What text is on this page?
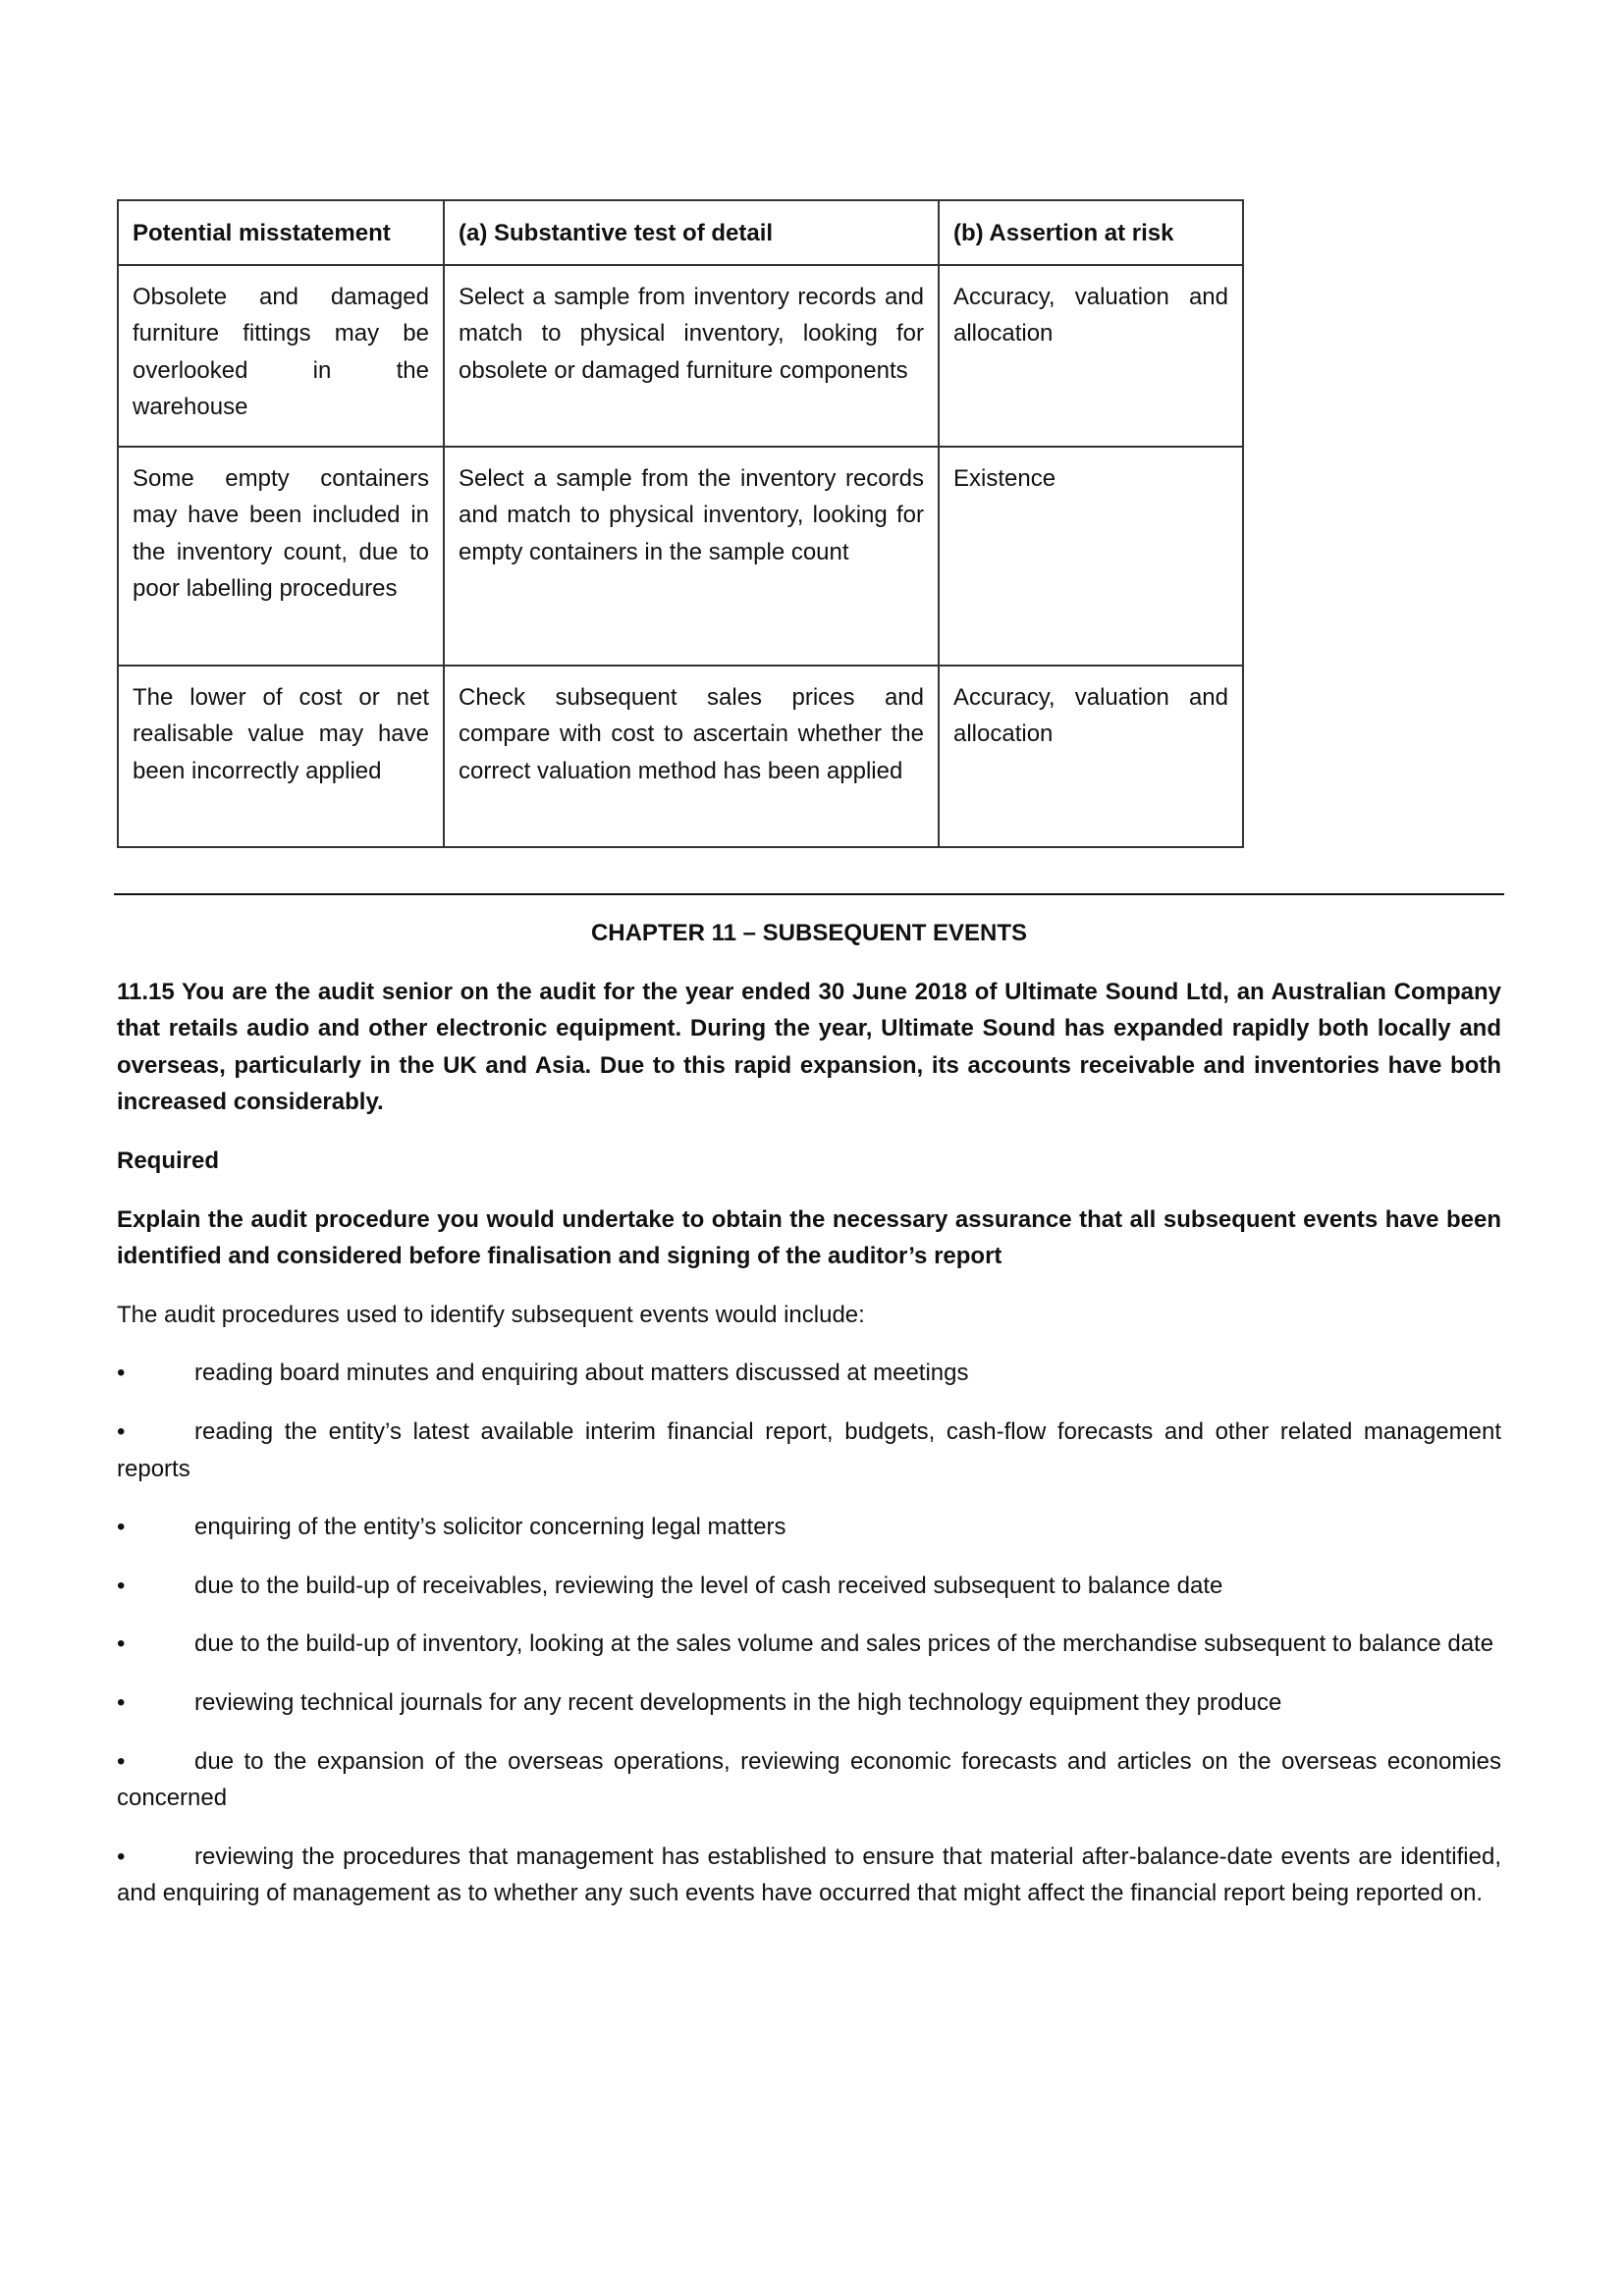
Potential misstatement	(a) Substantive test of detail	(b) Assertion at risk
Obsolete and damaged furniture fittings may be overlooked in the warehouse	Select a sample from inventory records and match to physical inventory, looking for obsolete or damaged furniture components	Accuracy, valuation and allocation
Some empty containers may have been included in the inventory count, due to poor labelling procedures	Select a sample from the inventory records and match to physical inventory, looking for empty containers in the sample count	Existence
The lower of cost or net realisable value may have been incorrectly applied	Check subsequent sales prices and compare with cost to ascertain whether the correct valuation method has been applied	Accuracy, valuation and allocation

CHAPTER 11 – SUBSEQUENT EVENTS

11.15 You are the audit senior on the audit for the year ended 30 June 2018 of Ultimate Sound Ltd, an Australian Company that retails audio and other electronic equipment. During the year, Ultimate Sound has expanded rapidly both locally and overseas, particularly in the UK and Asia. Due to this rapid expansion, its accounts receivable and inventories have both increased considerably.

Required

Explain the audit procedure you would undertake to obtain the necessary assurance that all subsequent events have been identified and considered before finalisation and signing of the auditor’s report

The audit procedures used to identify subsequent events would include:

•	reading board minutes and enquiring about matters discussed at meetings

•	reading the entity’s latest available interim financial report, budgets, cash-flow forecasts and other related management reports

•	enquiring of the entity’s solicitor concerning legal matters

•	due to the build-up of receivables, reviewing the level of cash received subsequent to balance date

•	due to the build-up of inventory, looking at the sales volume and sales prices of the merchandise subsequent to balance date

•	reviewing technical journals for any recent developments in the high technology equipment they produce

•	due to the expansion of the overseas operations, reviewing economic forecasts and articles on the overseas economies concerned

•	reviewing the procedures that management has established to ensure that material after-balance-date events are identified, and enquiring of management as to whether any such events have occurred that might affect the financial report being reported on.
